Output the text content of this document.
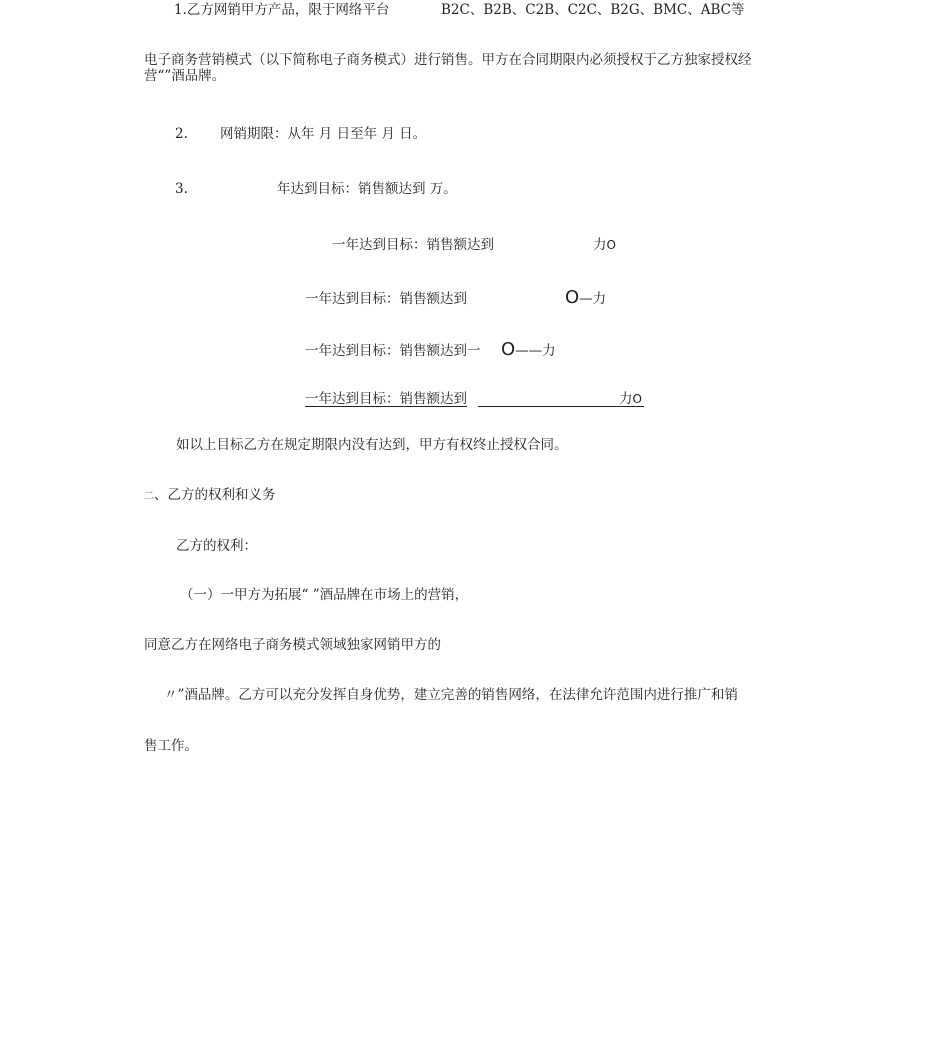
1.乙方网销甲方产品，限于网络平台	B2C、B2B、C2B、C2C、B2G、BMC、ABC等
电子商务营销模式（以下简称电子商务模式）进行销售。甲方在合同期限内必须授权于乙方独家授权经
营“”酒品牌。
2. 网销期限：从年 月 日至年 月 日。
3.	年达到目标：销售额达到 万。
一年达到目标：销售额达到	力O
一年达到目标：销售额达到	O—力
一年达到目标：销售额达到一 O——力
一年达到目标：销售额达到	力O
如以上目标乙方在规定期限内没有达到，甲方有权终止授权合同。
二、乙方的权利和义务
乙方的权利：
（一）一甲方为拓展“ ”酒品牌在市场上的营销，
同意乙方在网络电子商务模式领域独家网销甲方的
〃”酒品牌。乙方可以充分发挥自身优势，建立完善的销售网络，在法律允许范围内进行推广和销
售工作。
